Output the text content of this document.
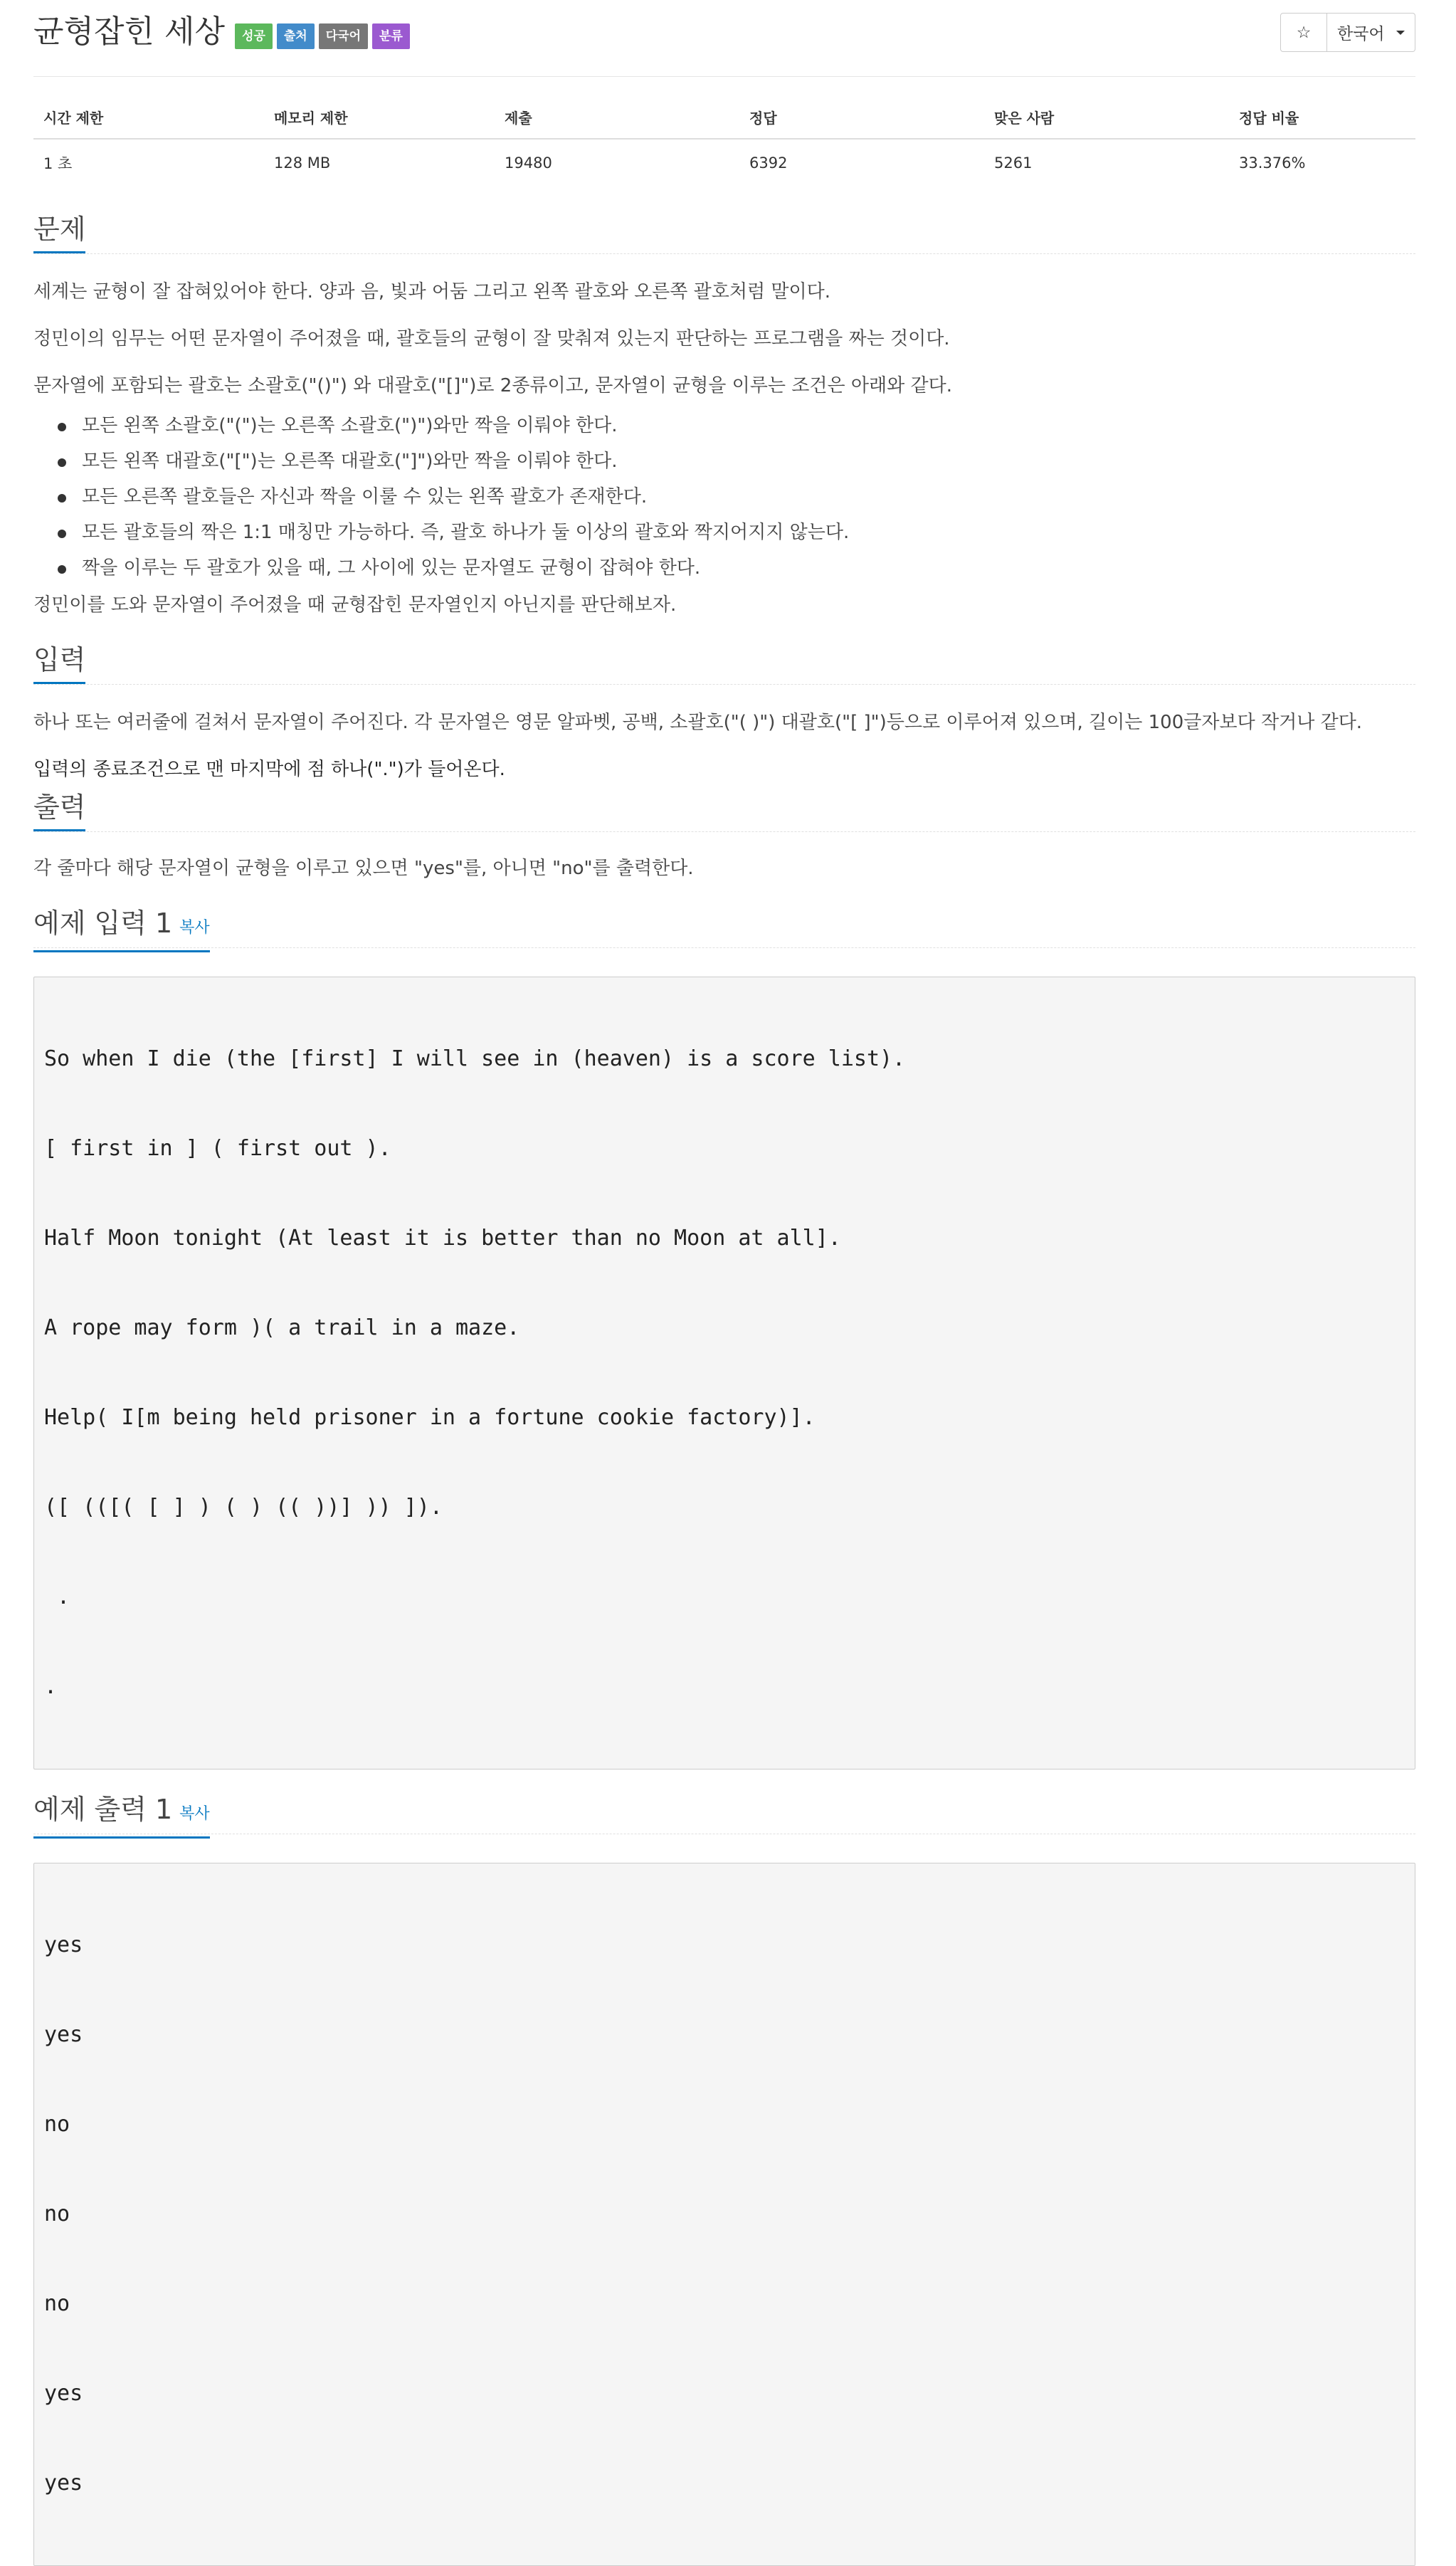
균형잡힌 세상	성공	출처	다국어	분류	☆ 한국어
시간 제한	메모리 제한	제출	정답	맞은 사람	정답 비율
1 초	128 MB	19480	6392	5261	33.376%
문제

세계는 균형이 잘 잡혀있어야 한다. 양과 음, 빛과 어둠 그리고 왼쪽 괄호와 오른쪽 괄호처럼 말이다.

정민이의 임무는 어떤 문자열이 주어졌을 때, 괄호들의 균형이 잘 맞춰져 있는지 판단하는 프로그램을 짜는 것이다.

문자열에 포함되는 괄호는 소괄호("()") 와 대괄호("[]")로 2종류이고, 문자열이 균형을 이루는 조건은 아래와 같다.

모든 왼쪽 소괄호("(")는 오른쪽 소괄호(")")와만 짝을 이뤄야 한다.
모든 왼쪽 대괄호("[")는 오른쪽 대괄호("]")와만 짝을 이뤄야 한다.
모든 오른쪽 괄호들은 자신과 짝을 이룰 수 있는 왼쪽 괄호가 존재한다.
모든 괄호들의 짝은 1:1 매칭만 가능하다. 즉, 괄호 하나가 둘 이상의 괄호와 짝지어지지 않는다.
짝을 이루는 두 괄호가 있을 때, 그 사이에 있는 문자열도 균형이 잡혀야 한다.

정민이를 도와 문자열이 주어졌을 때 균형잡힌 문자열인지 아닌지를 판단해보자.

입력

하나 또는 여러줄에 걸쳐서 문자열이 주어진다. 각 문자열은 영문 알파벳, 공백, 소괄호("( )") 대괄호("[ ]")등으로 이루어져 있으며, 길이는 100글자보다 작거나 같다.

입력의 종료조건으로 맨 마지막에 점 하나(".")가 들어온다.

출력

각 줄마다 해당 문자열이 균형을 이루고 있으면 "yes"를, 아니면 "no"를 출력한다.

예제 입력 1 복사

So when I die (the [first] I will see in (heaven) is a score list).

[ first in ] ( first out ).

Half Moon tonight (At least it is better than no Moon at all].

A rope may form )( a trail in a maze.

Help( I[m being held prisoner in a fortune cookie factory)].

([ (([( [ ] ) ( ) (( ))] )) ]).

.

.

예제 출력 1 복사

yes

yes

no

no

no

yes

yes
